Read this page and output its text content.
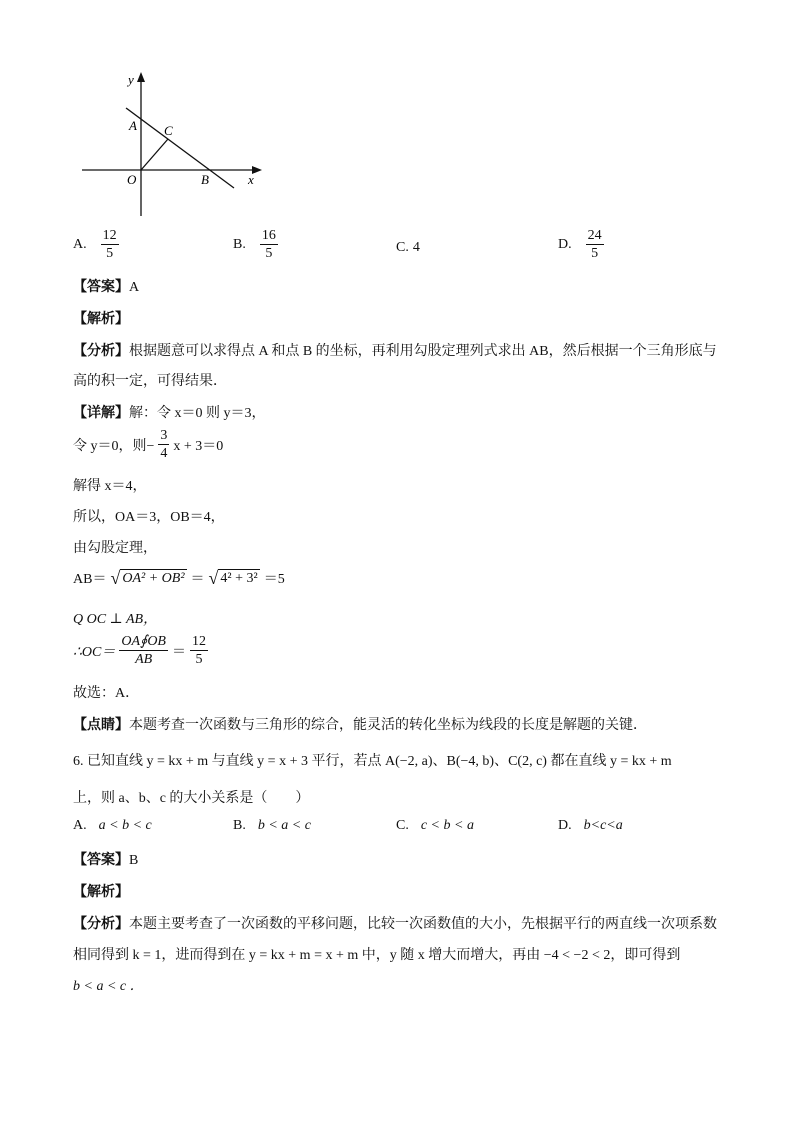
y
x
A C
O	B
A. $\frac{12}{5}$	B. $\frac{16}{5}$	C. 4	D. $\frac{24}{5}$
【答案】A
【解析】
【分析】根据题意可以求得点 A 和点 B 的坐标，再利用勾股定理列式求出 AB，然后根据一个三角形底与
高的积一定，可得结果．
【详解】解：令 x＝0 则 y＝3，
令 y＝0，则− $\frac{3}{4}$ x + 3＝0
解得 x＝4，
所以，OA＝3，OB＝4，
由勾股定理，
AB＝ √ OA² + OB² ＝ √ 4² + 3² ＝5
Q OC ⊥ AB，
∴OC＝ $\frac{OA∮OB}{AB} = \frac{12}{5}$
故选：A．
【点睛】本题考查一次函数与三角形的综合，能灵活的转化坐标为线段的长度是解题的关键．
6. 已知直线 y = kx + m 与直线 y = x + 3 平行，若点 A(−2, a)、B(−4, b)、C(2, c) 都在直线 y = kx + m
上，则 a、b、c 的大小关系是（　　）
A. a < b < c	B. b < a < c	C. c < b < a	D. b<c<a
【答案】B
【解析】
【分析】本题主要考查了一次函数的平移问题，比较一次函数值的大小，先根据平行的两直线一次项系数
相同得到 k = 1，进而得到在 y = kx + m = x + m 中，y 随 x 增大而增大，再由 −4 < −2 < 2，即可得到
b < a < c ．
